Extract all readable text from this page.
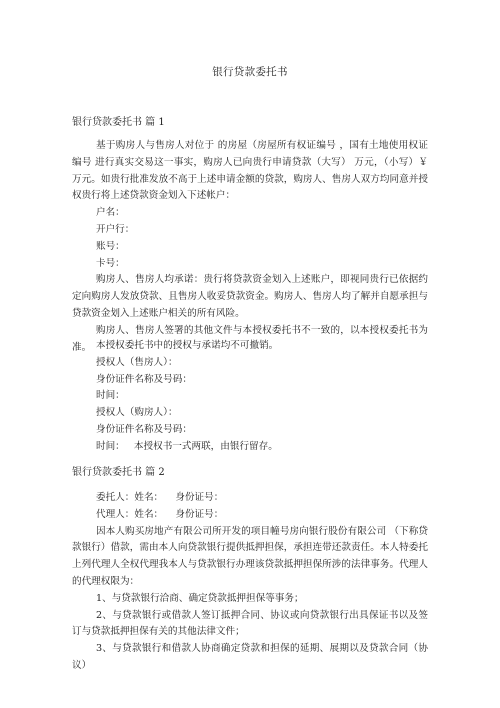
银行贷款委托书

银行贷款委托书 篇 1

基于购房人与售房人对位于 的房屋（房屋所有权证编号 ，国有土地使用权证编号 进行真实交易这一事实，购房人已向贵行申请贷款（大写） 万元，（小写）￥ 万元。如贵行批准发放不高于上述申请金额的贷款，购房人、售房人双方均同意并授权贵行将上述贷款资金划入下述帐户：

户名：

开户行：

账号：

卡号：

购房人、售房人均承诺：贵行将贷款资金划入上述账户，即视同贵行已依据约定向购房人发放贷款、且售房人收妥贷款资金。购房人、售房人均了解并自愿承担与贷款资金划入上述账户相关的所有风险。

购房人、售房人签署的其他文件与本授权委托书不一致的，以本授权委托书为准。 本授权委托书中的授权与承诺均不可撤销。

授权人（售房人）：

身份证件名称及号码：

时间：

授权人（购房人）：

身份证件名称及号码：

时间：   本授权书一式两联，由银行留存。

银行贷款委托书 篇 2

委托人：姓名：    身份证号：

代理人：姓名：    身份证号：

因本人购买房地产有限公司所开发的项目幢号房向银行股份有限公司 （下称贷款银行）借款，需由本人向贷款银行提供抵押担保，承担连带还款责任。本人特委托上列代理人全权代理我本人与贷款银行办理该贷款抵押担保所涉的法律事务。代理人的代理权限为：

1、与贷款银行洽商、确定贷款抵押担保等事务；

2、与贷款银行或借款人签订抵押合同、协议或向贷款银行出具保证书以及签订与贷款抵押担保有关的其他法律文件；

3、与贷款银行和借款人协商确定贷款和担保的延期、展期以及贷款合同（协议）
